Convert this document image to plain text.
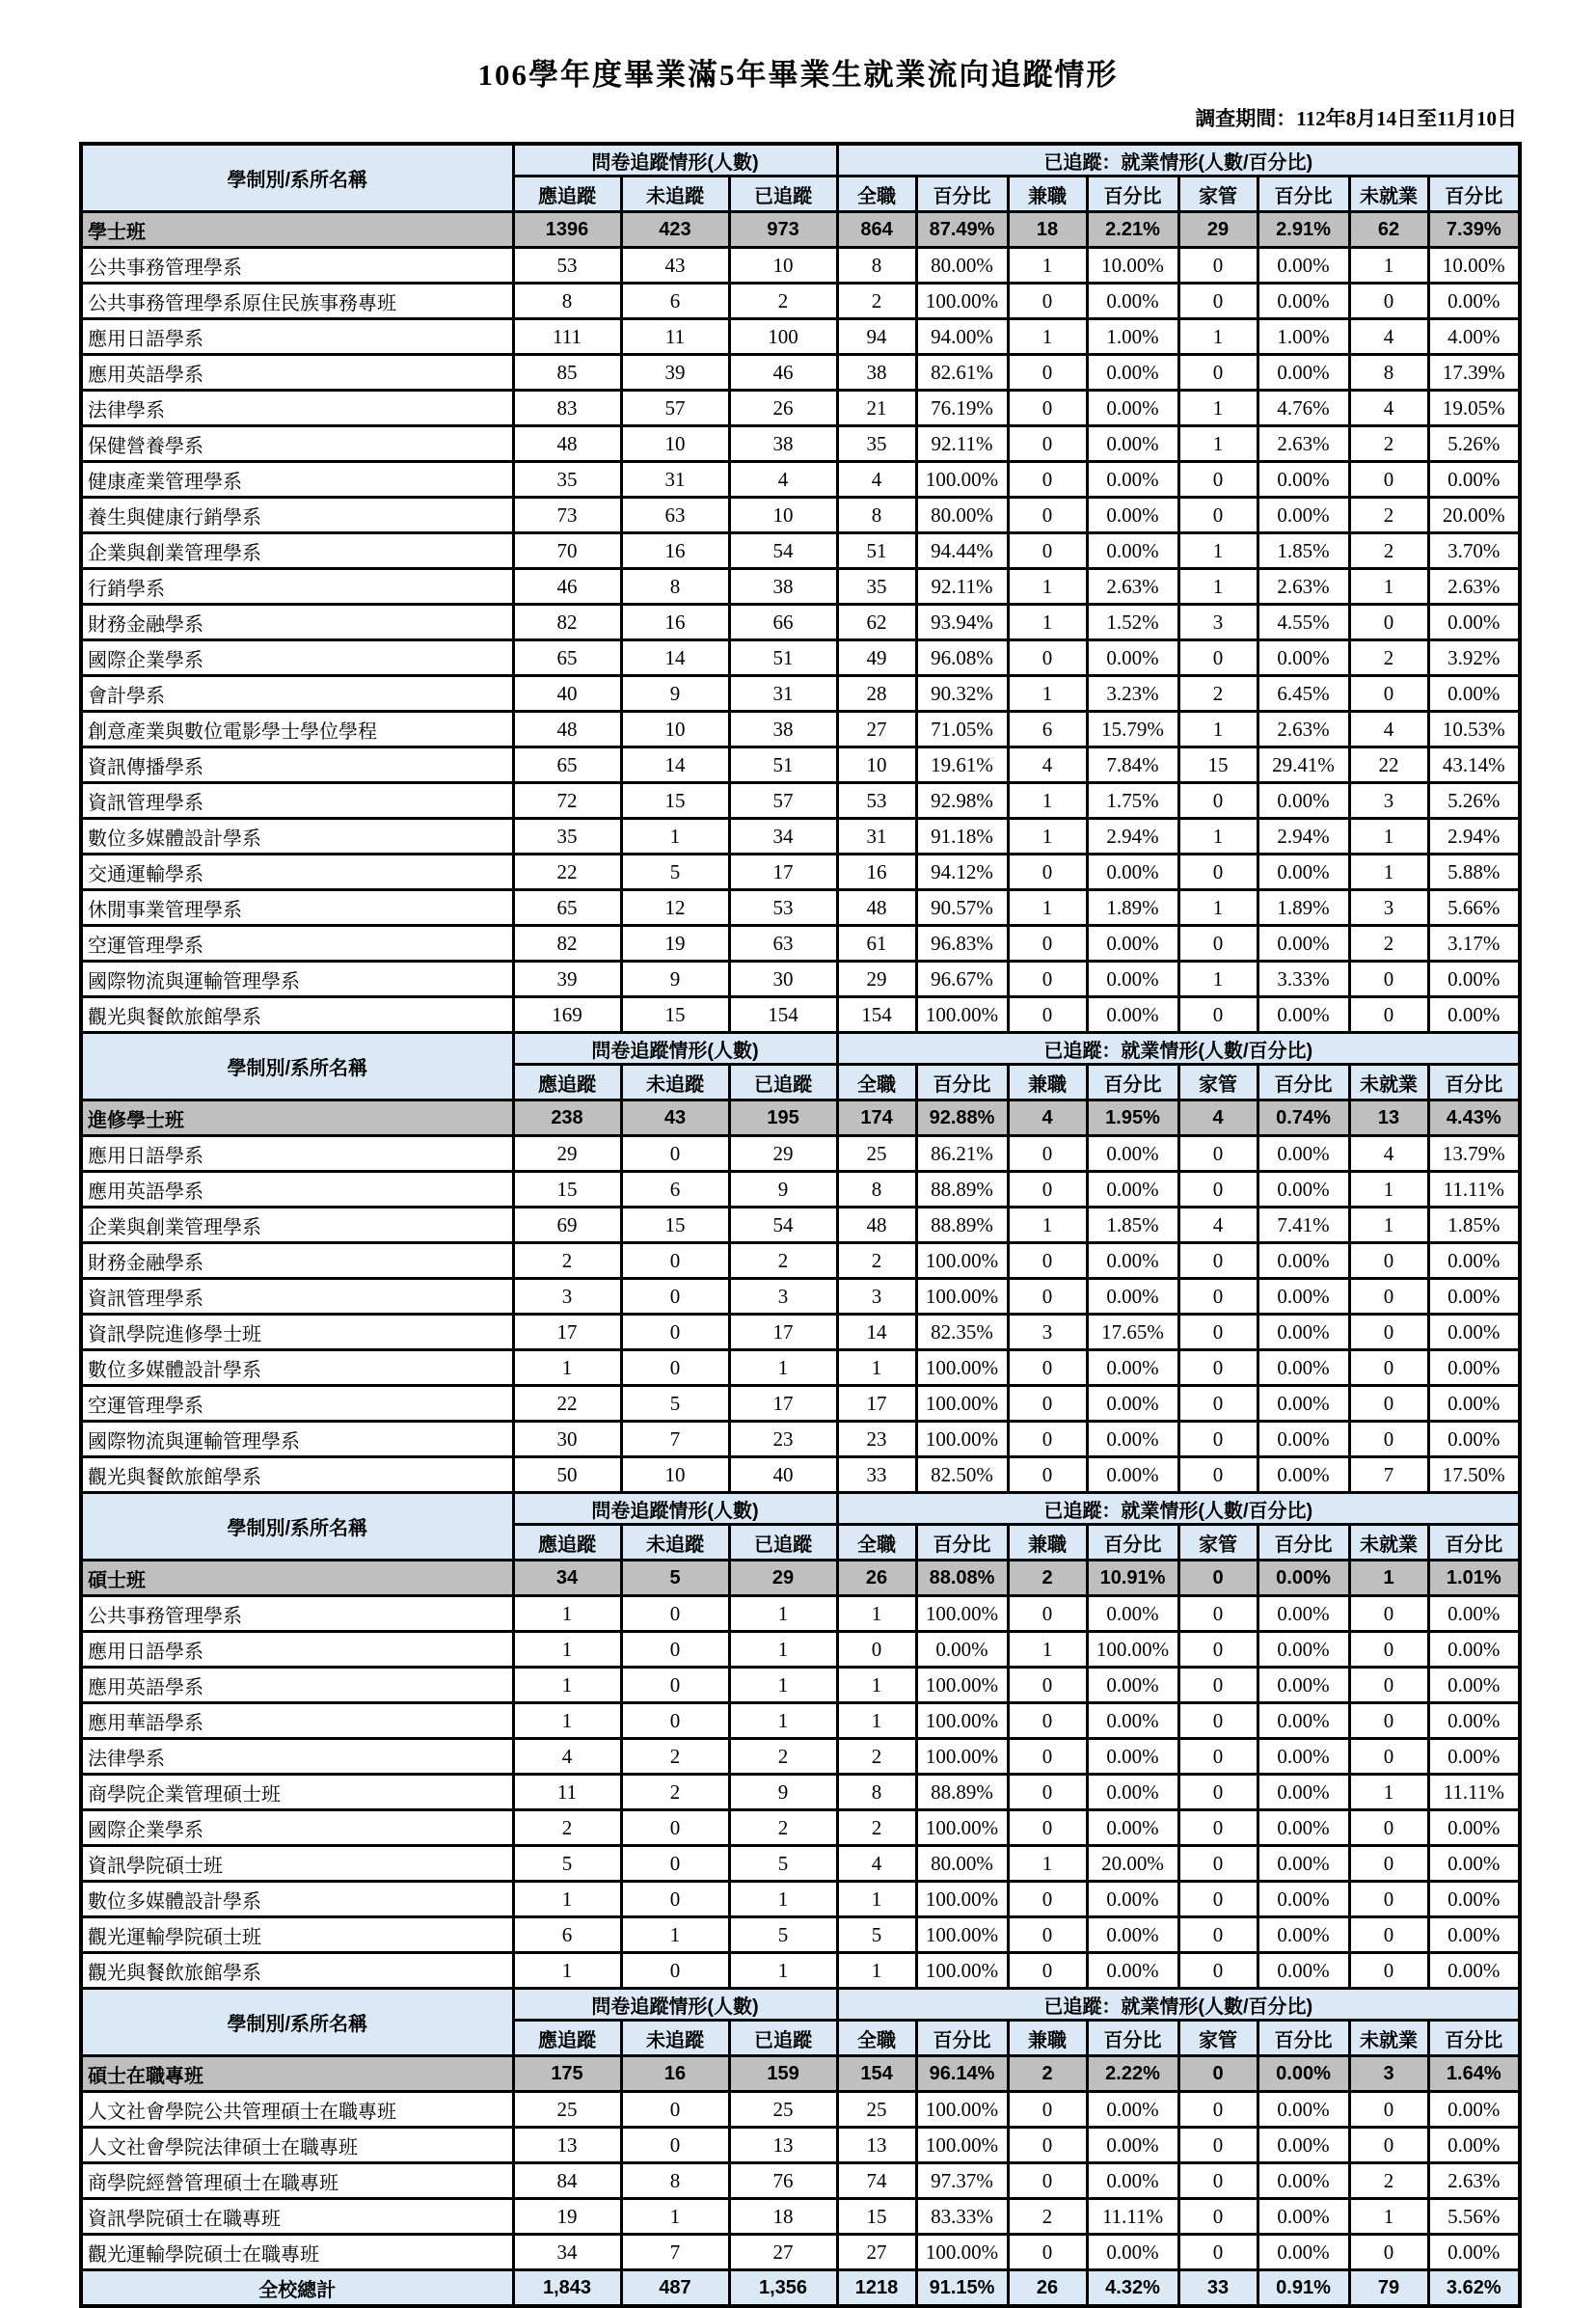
106學年度畢業滿5年畢業生就業流向追蹤情形
調查期間：112年8月14日至11月10日
學制別/系所名稱	問卷追蹤情形(人數)			已追蹤：就業情形(人數/百分比)							
	應追蹤	未追蹤	已追蹤	全職	百分比	兼職	百分比	家管	百分比	未就業	百分比
學士班	1396	423	973	864	87.49%	18	2.21%	29	2.91%	62	7.39%
公共事務管理學系	53	43	10	8	80.00%	1	10.00%	0	0.00%	1	10.00%
公共事務管理學系原住民族事務專班	8	6	2	2	100.00%	0	0.00%	0	0.00%	0	0.00%
應用日語學系	111	11	100	94	94.00%	1	1.00%	1	1.00%	4	4.00%
應用英語學系	85	39	46	38	82.61%	0	0.00%	0	0.00%	8	17.39%
法律學系	83	57	26	21	76.19%	0	0.00%	1	4.76%	4	19.05%
保健營養學系	48	10	38	35	92.11%	0	0.00%	1	2.63%	2	5.26%
健康產業管理學系	35	31	4	4	100.00%	0	0.00%	0	0.00%	0	0.00%
養生與健康行銷學系	73	63	10	8	80.00%	0	0.00%	0	0.00%	2	20.00%
企業與創業管理學系	70	16	54	51	94.44%	0	0.00%	1	1.85%	2	3.70%
行銷學系	46	8	38	35	92.11%	1	2.63%	1	2.63%	1	2.63%
財務金融學系	82	16	66	62	93.94%	1	1.52%	3	4.55%	0	0.00%
國際企業學系	65	14	51	49	96.08%	0	0.00%	0	0.00%	2	3.92%
會計學系	40	9	31	28	90.32%	1	3.23%	2	6.45%	0	0.00%
創意產業與數位電影學士學位學程	48	10	38	27	71.05%	6	15.79%	1	2.63%	4	10.53%
資訊傳播學系	65	14	51	10	19.61%	4	7.84%	15	29.41%	22	43.14%
資訊管理學系	72	15	57	53	92.98%	1	1.75%	0	0.00%	3	5.26%
數位多媒體設計學系	35	1	34	31	91.18%	1	2.94%	1	2.94%	1	2.94%
交通運輸學系	22	5	17	16	94.12%	0	0.00%	0	0.00%	1	5.88%
休閒事業管理學系	65	12	53	48	90.57%	1	1.89%	1	1.89%	3	5.66%
空運管理學系	82	19	63	61	96.83%	0	0.00%	0	0.00%	2	3.17%
國際物流與運輸管理學系	39	9	30	29	96.67%	0	0.00%	1	3.33%	0	0.00%
觀光與餐飲旅館學系	169	15	154	154	100.00%	0	0.00%	0	0.00%	0	0.00%
學制別/系所名稱	問卷追蹤情形(人數)			已追蹤：就業情形(人數/百分比)							
	應追蹤	未追蹤	已追蹤	全職	百分比	兼職	百分比	家管	百分比	未就業	百分比
進修學士班	238	43	195	174	92.88%	4	1.95%	4	0.74%	13	4.43%
應用日語學系	29	0	29	25	86.21%	0	0.00%	0	0.00%	4	13.79%
應用英語學系	15	6	9	8	88.89%	0	0.00%	0	0.00%	1	11.11%
企業與創業管理學系	69	15	54	48	88.89%	1	1.85%	4	7.41%	1	1.85%
財務金融學系	2	0	2	2	100.00%	0	0.00%	0	0.00%	0	0.00%
資訊管理學系	3	0	3	3	100.00%	0	0.00%	0	0.00%	0	0.00%
資訊學院進修學士班	17	0	17	14	82.35%	3	17.65%	0	0.00%	0	0.00%
數位多媒體設計學系	1	0	1	1	100.00%	0	0.00%	0	0.00%	0	0.00%
空運管理學系	22	5	17	17	100.00%	0	0.00%	0	0.00%	0	0.00%
國際物流與運輸管理學系	30	7	23	23	100.00%	0	0.00%	0	0.00%	0	0.00%
觀光與餐飲旅館學系	50	10	40	33	82.50%	0	0.00%	0	0.00%	7	17.50%
學制別/系所名稱	問卷追蹤情形(人數)			已追蹤：就業情形(人數/百分比)							
	應追蹤	未追蹤	已追蹤	全職	百分比	兼職	百分比	家管	百分比	未就業	百分比
碩士班	34	5	29	26	88.08%	2	10.91%	0	0.00%	1	1.01%
公共事務管理學系	1	0	1	1	100.00%	0	0.00%	0	0.00%	0	0.00%
應用日語學系	1	0	1	0	0.00%	1	100.00%	0	0.00%	0	0.00%
應用英語學系	1	0	1	1	100.00%	0	0.00%	0	0.00%	0	0.00%
應用華語學系	1	0	1	1	100.00%	0	0.00%	0	0.00%	0	0.00%
法律學系	4	2	2	2	100.00%	0	0.00%	0	0.00%	0	0.00%
商學院企業管理碩士班	11	2	9	8	88.89%	0	0.00%	0	0.00%	1	11.11%
國際企業學系	2	0	2	2	100.00%	0	0.00%	0	0.00%	0	0.00%
資訊學院碩士班	5	0	5	4	80.00%	1	20.00%	0	0.00%	0	0.00%
數位多媒體設計學系	1	0	1	1	100.00%	0	0.00%	0	0.00%	0	0.00%
觀光運輸學院碩士班	6	1	5	5	100.00%	0	0.00%	0	0.00%	0	0.00%
觀光與餐飲旅館學系	1	0	1	1	100.00%	0	0.00%	0	0.00%	0	0.00%
學制別/系所名稱	問卷追蹤情形(人數)			已追蹤：就業情形(人數/百分比)							
	應追蹤	未追蹤	已追蹤	全職	百分比	兼職	百分比	家管	百分比	未就業	百分比
碩士在職專班	175	16	159	154	96.14%	2	2.22%	0	0.00%	3	1.64%
人文社會學院公共管理碩士在職專班	25	0	25	25	100.00%	0	0.00%	0	0.00%	0	0.00%
人文社會學院法律碩士在職專班	13	0	13	13	100.00%	0	0.00%	0	0.00%	0	0.00%
商學院經營管理碩士在職專班	84	8	76	74	97.37%	0	0.00%	0	0.00%	2	2.63%
資訊學院碩士在職專班	19	1	18	15	83.33%	2	11.11%	0	0.00%	1	5.56%
觀光運輸學院碩士在職專班	34	7	27	27	100.00%	0	0.00%	0	0.00%	0	0.00%
全校總計	1,843	487	1,356	1218	91.15%	26	4.32%	33	0.91%	79	3.62%
